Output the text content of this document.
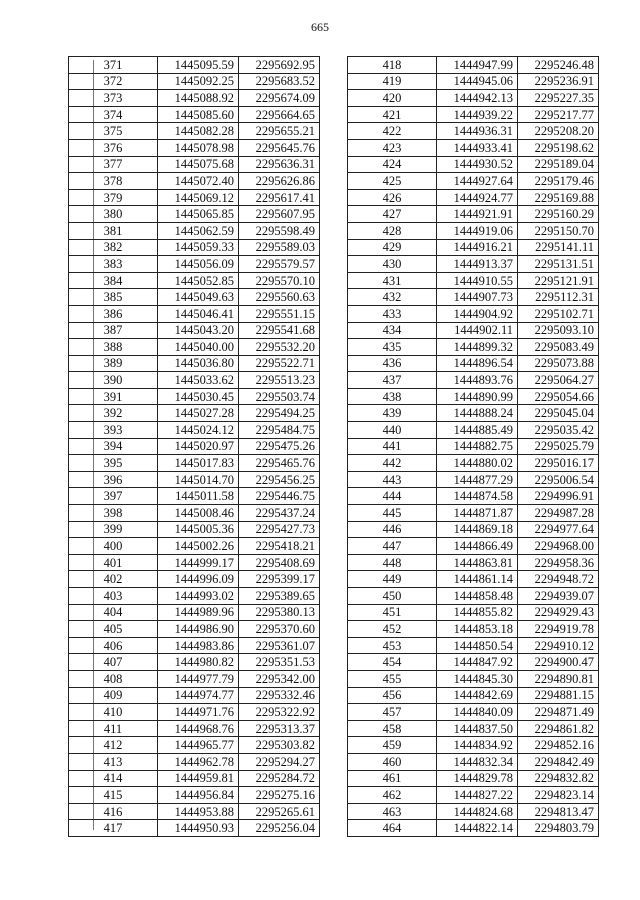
665
371	1445095.59	2295692.95
372	1445092.25	2295683.52
373	1445088.92	2295674.09
374	1445085.60	2295664.65
375	1445082.28	2295655.21
376	1445078.98	2295645.76
377	1445075.68	2295636.31
378	1445072.40	2295626.86
379	1445069.12	2295617.41
380	1445065.85	2295607.95
381	1445062.59	2295598.49
382	1445059.33	2295589.03
383	1445056.09	2295579.57
384	1445052.85	2295570.10
385	1445049.63	2295560.63
386	1445046.41	2295551.15
387	1445043.20	2295541.68
388	1445040.00	2295532.20
389	1445036.80	2295522.71
390	1445033.62	2295513.23
391	1445030.45	2295503.74
392	1445027.28	2295494.25
393	1445024.12	2295484.75
394	1445020.97	2295475.26
395	1445017.83	2295465.76
396	1445014.70	2295456.25
397	1445011.58	2295446.75
398	1445008.46	2295437.24
399	1445005.36	2295427.73
400	1445002.26	2295418.21
401	1444999.17	2295408.69
402	1444996.09	2295399.17
403	1444993.02	2295389.65
404	1444989.96	2295380.13
405	1444986.90	2295370.60
406	1444983.86	2295361.07
407	1444980.82	2295351.53
408	1444977.79	2295342.00
409	1444974.77	2295332.46
410	1444971.76	2295322.92
411	1444968.76	2295313.37
412	1444965.77	2295303.82
413	1444962.78	2295294.27
414	1444959.81	2295284.72
415	1444956.84	2295275.16
416	1444953.88	2295265.61
417	1444950.93	2295256.04
418	1444947.99	2295246.48
419	1444945.06	2295236.91
420	1444942.13	2295227.35
421	1444939.22	2295217.77
422	1444936.31	2295208.20
423	1444933.41	2295198.62
424	1444930.52	2295189.04
425	1444927.64	2295179.46
426	1444924.77	2295169.88
427	1444921.91	2295160.29
428	1444919.06	2295150.70
429	1444916.21	2295141.11
430	1444913.37	2295131.51
431	1444910.55	2295121.91
432	1444907.73	2295112.31
433	1444904.92	2295102.71
434	1444902.11	2295093.10
435	1444899.32	2295083.49
436	1444896.54	2295073.88
437	1444893.76	2295064.27
438	1444890.99	2295054.66
439	1444888.24	2295045.04
440	1444885.49	2295035.42
441	1444882.75	2295025.79
442	1444880.02	2295016.17
443	1444877.29	2295006.54
444	1444874.58	2294996.91
445	1444871.87	2294987.28
446	1444869.18	2294977.64
447	1444866.49	2294968.00
448	1444863.81	2294958.36
449	1444861.14	2294948.72
450	1444858.48	2294939.07
451	1444855.82	2294929.43
452	1444853.18	2294919.78
453	1444850.54	2294910.12
454	1444847.92	2294900.47
455	1444845.30	2294890.81
456	1444842.69	2294881.15
457	1444840.09	2294871.49
458	1444837.50	2294861.82
459	1444834.92	2294852.16
460	1444832.34	2294842.49
461	1444829.78	2294832.82
462	1444827.22	2294823.14
463	1444824.68	2294813.47
464	1444822.14	2294803.79
